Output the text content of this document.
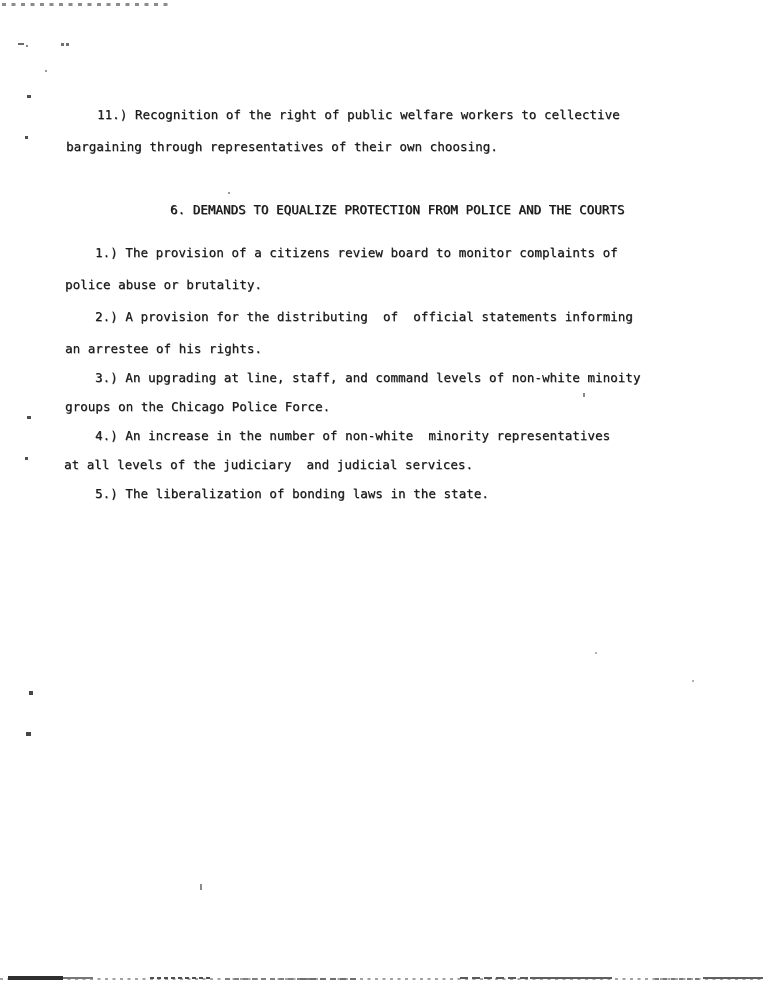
11.) Recognition of the right of public welfare workers to cellective
bargaining through representatives of their own choosing.
6. DEMANDS TO EQUALIZE PROTECTION FROM POLICE AND THE COURTS
1.) The provision of a citizens review board to monitor complaints of
police abuse or brutality.
2.) A provision for the distributing  of  official statements informing
an arrestee of his rights.
3.) An upgrading at line, staff, and command levels of non-white minoity
groups on the Chicago Police Force.
4.) An increase in the number of non-white  minority representatives
at all levels of the judiciary  and judicial services.
5.) The liberalization of bonding laws in the state.
